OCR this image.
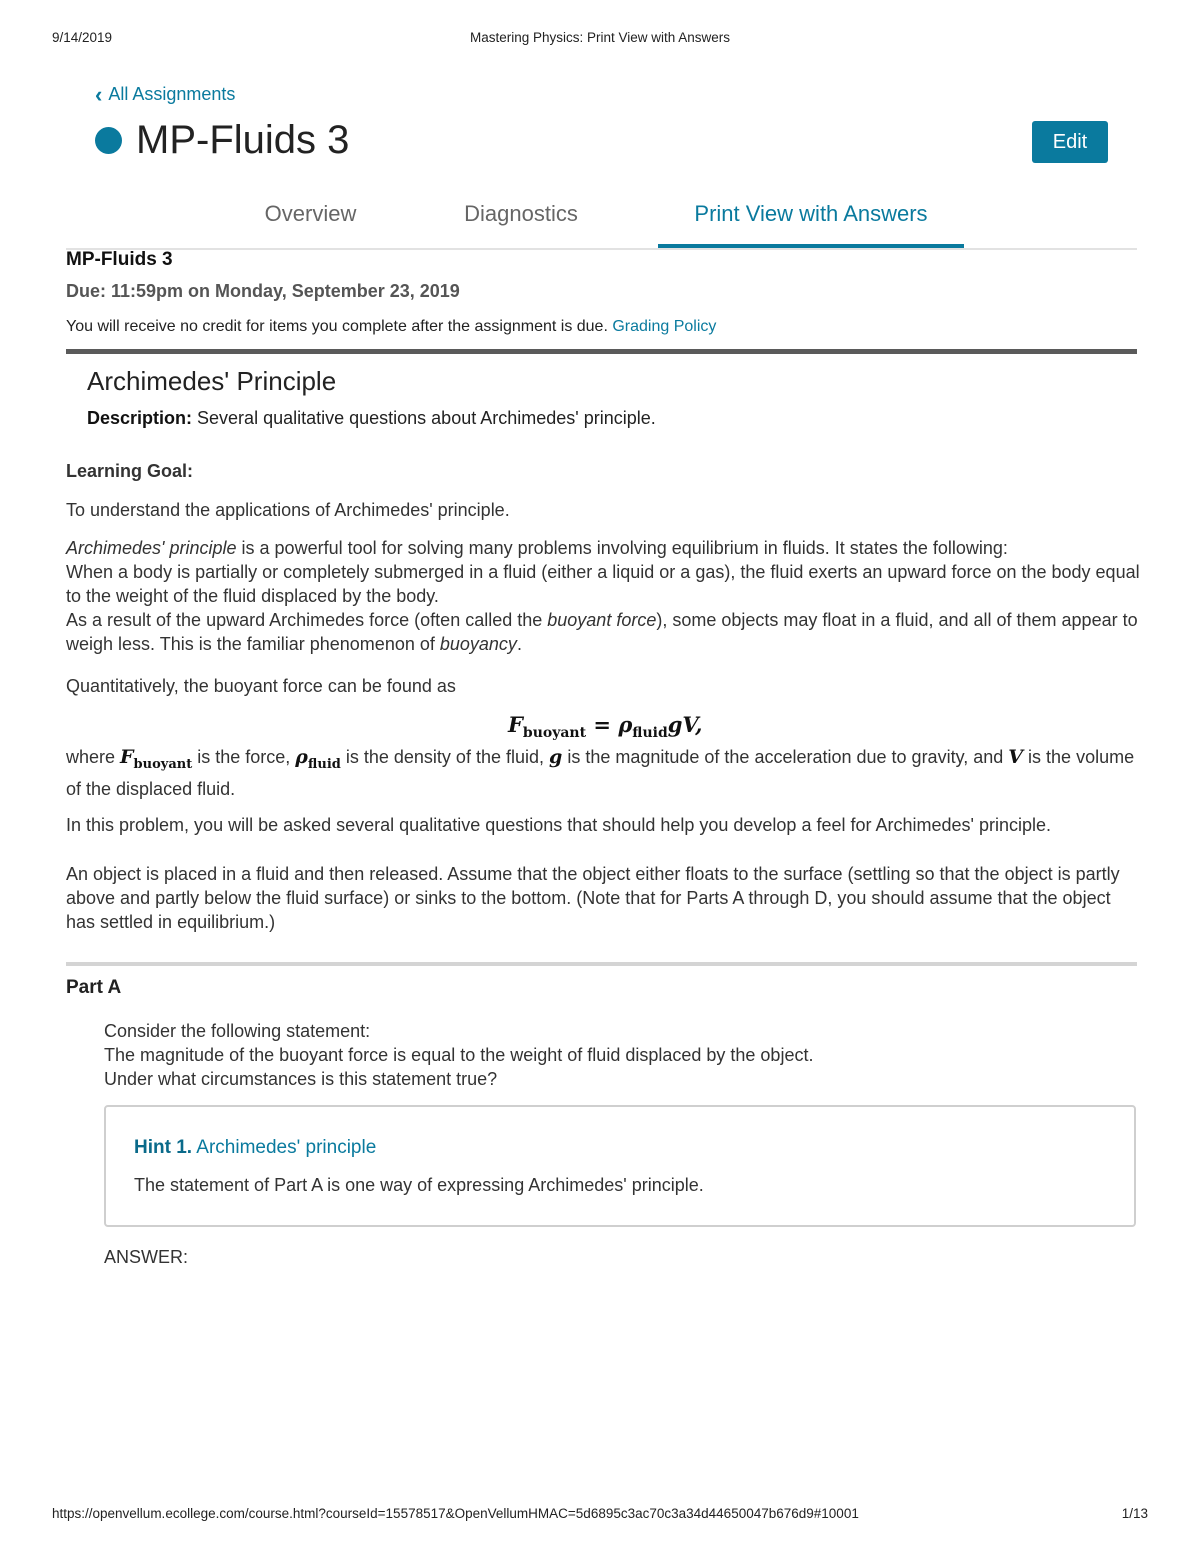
9/14/2019	Mastering Physics: Print View with Answers
‹ All Assignments
MP-Fluids 3	Edit
Overview	Diagnostics	Print View with Answers
MP-Fluids 3
Due: 11:59pm on Monday, September 23, 2019
You will receive no credit for items you complete after the assignment is due. Grading Policy
Archimedes' Principle
Description: Several qualitative questions about Archimedes' principle.
Learning Goal:
To understand the applications of Archimedes' principle.
Archimedes' principle is a powerful tool for solving many problems involving equilibrium in fluids. It states the following:
When a body is partially or completely submerged in a fluid (either a liquid or a gas), the fluid exerts an upward force on the body equal to the weight of the fluid displaced by the body.
As a result of the upward Archimedes force (often called the buoyant force), some objects may float in a fluid, and all of them appear to weigh less. This is the familiar phenomenon of buoyancy.
Quantitatively, the buoyant force can be found as
$F_{buoyant} = \rho_{fluid}gV$,
where $F_{buoyant}$ is the force, $\rho_{fluid}$ is the density of the fluid, g is the magnitude of the acceleration due to gravity, and V is the volume of the displaced fluid.
In this problem, you will be asked several qualitative questions that should help you develop a feel for Archimedes' principle.
An object is placed in a fluid and then released. Assume that the object either floats to the surface (settling so that the object is partly above and partly below the fluid surface) or sinks to the bottom. (Note that for Parts A through D, you should assume that the object has settled in equilibrium.)
Part A
Consider the following statement:
The magnitude of the buoyant force is equal to the weight of fluid displaced by the object.
Under what circumstances is this statement true?
Hint 1. Archimedes' principle
The statement of Part A is one way of expressing Archimedes' principle.
ANSWER:
https://openvellum.ecollege.com/course.html?courseId=15578517&OpenVellumHMAC=5d6895c3ac70c3a34d44650047b676d9#10001	1/13
